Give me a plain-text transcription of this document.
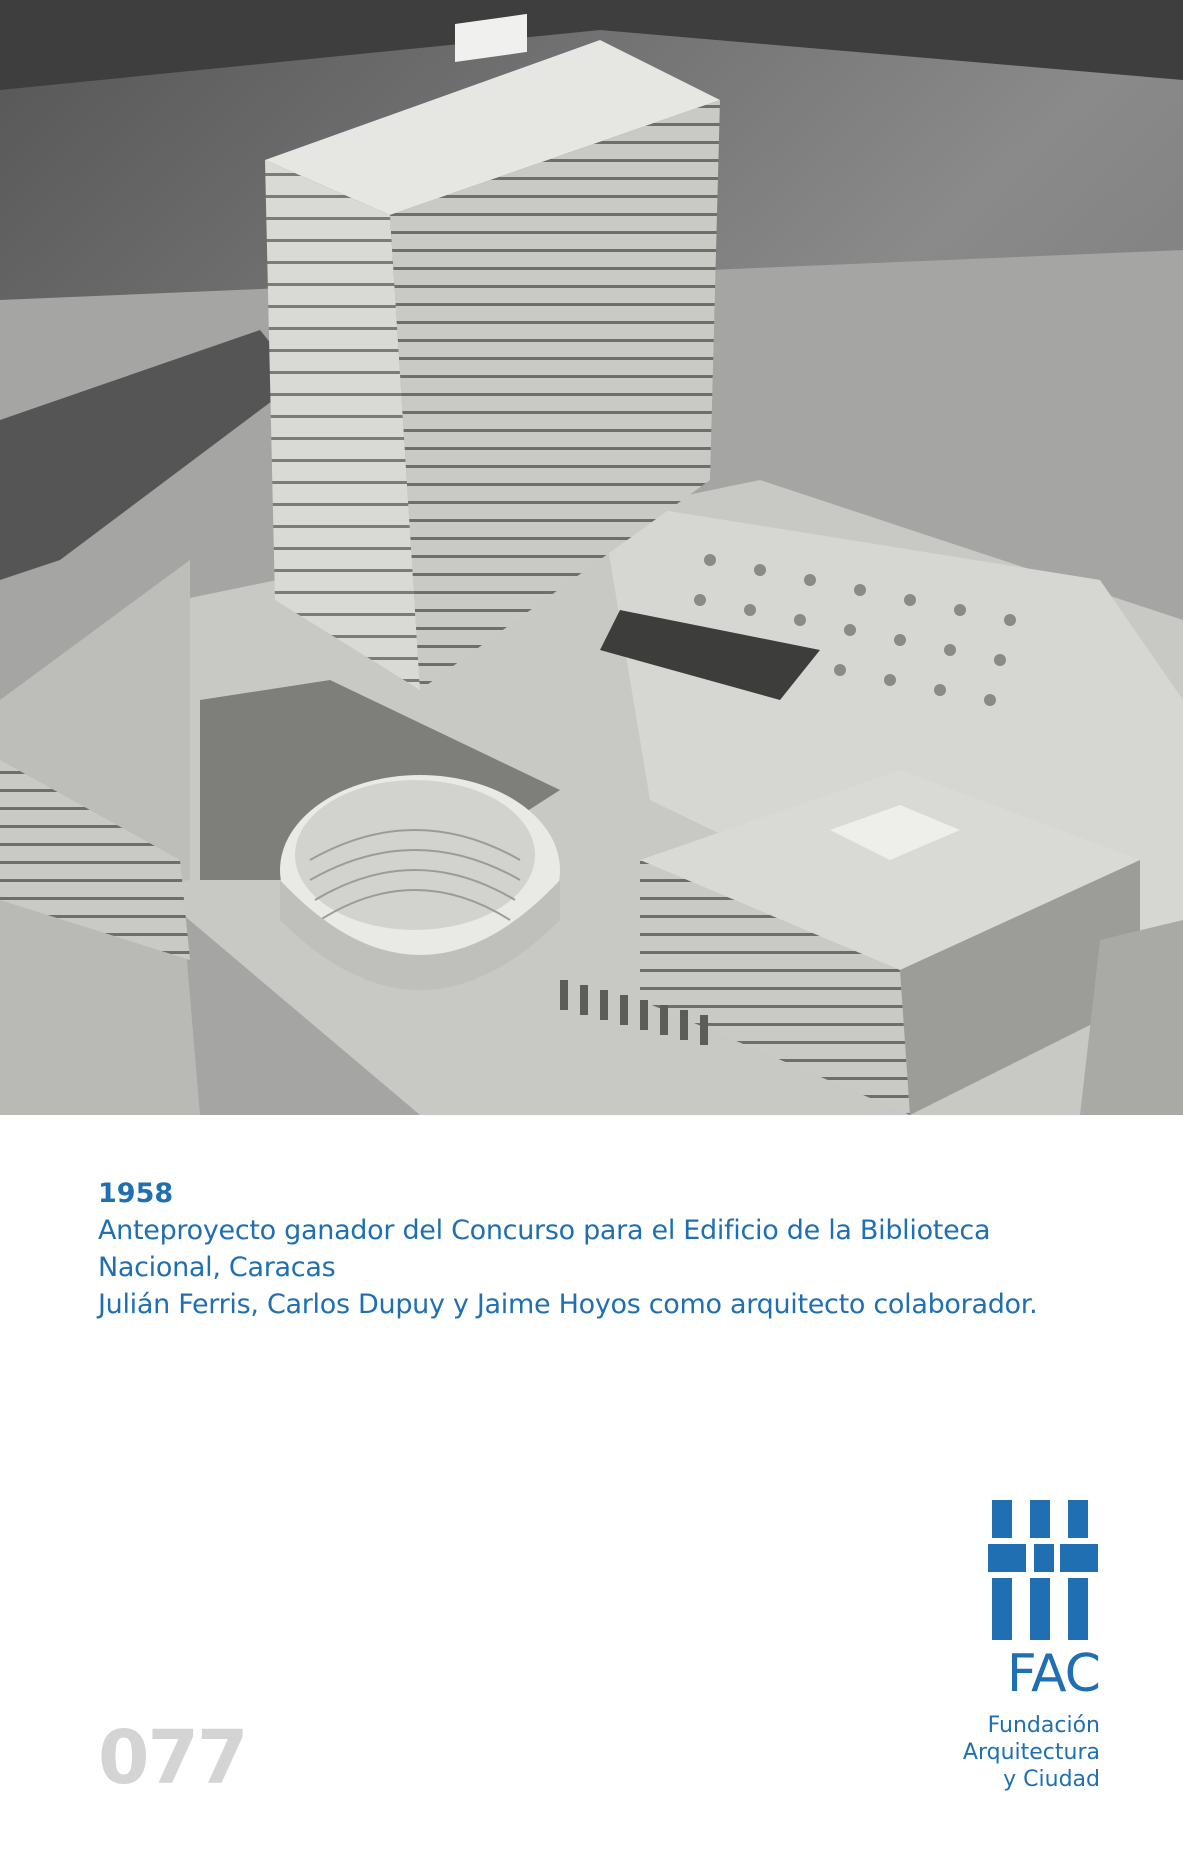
1958

Anteproyecto ganador del Concurso para el Edificio de la Biblioteca

Nacional, Caracas

Julián Ferris, Carlos Dupuy y Jaime Hoyos como arquitecto colaborador.

077

FAC

Fundación
Arquitectura
y Ciudad
